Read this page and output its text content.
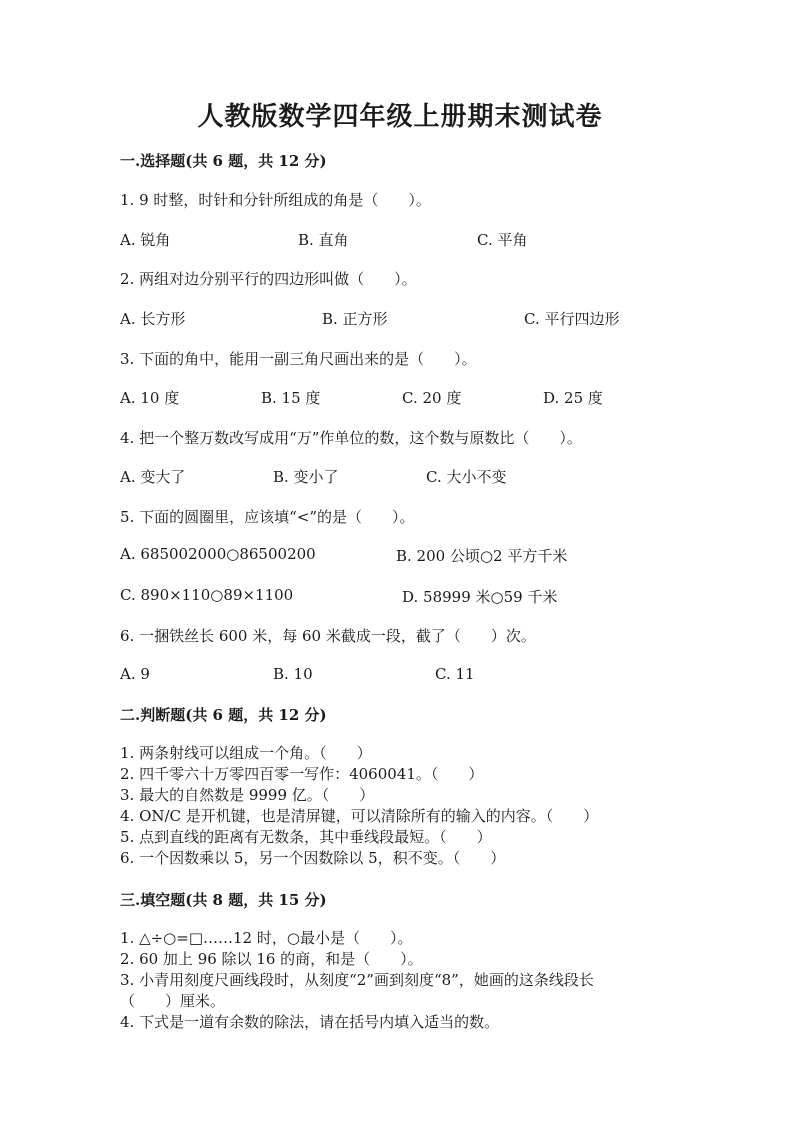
人教版数学四年级上册期末测试卷
一.选择题(共 6 题，共 12 分)
1. 9 时整，时针和分针所组成的角是（　　）。
A. 锐角	B. 直角	C. 平角
2. 两组对边分别平行的四边形叫做（　　）。
A. 长方形	B. 正方形	C. 平行四边形
3. 下面的角中，能用一副三角尺画出来的是（　　）。
A. 10 度	B. 15 度	C. 20 度	D. 25 度
4. 把一个整万数改写成用“万”作单位的数，这个数与原数比（　　）。
A. 变大了	B. 变小了	C. 大小不变
5. 下面的圆圈里，应该填“<”的是（　　）。
A. 685002000○86500200	B. 200 公顷○2 平方千米
C. 890×110○89×1100	D. 58999 米○59 千米
6. 一捆铁丝长 600 米，每 60 米截成一段，截了（　　）次。
A. 9	B. 10	C. 11
二.判断题(共 6 题，共 12 分)
1. 两条射线可以组成一个角。（　　）
2. 四千零六十万零四百零一写作：4060041。（　　）
3. 最大的自然数是 9999 亿。（　　）
4. ON/C 是开机键，也是清屏键，可以清除所有的输入的内容。（　　）
5. 点到直线的距离有无数条，其中垂线段最短。（　　）
6. 一个因数乘以 5，另一个因数除以 5，积不变。（　　）
三.填空题(共 8 题，共 15 分)
1. △÷○=□……12 时，○最小是（　　）。
2. 60 加上 96 除以 16 的商，和是（　　）。
3. 小青用刻度尺画线段时，从刻度“2”画到刻度“8”，她画的这条线段长
（　　）厘米。
4. 下式是一道有余数的除法，请在括号内填入适当的数。
